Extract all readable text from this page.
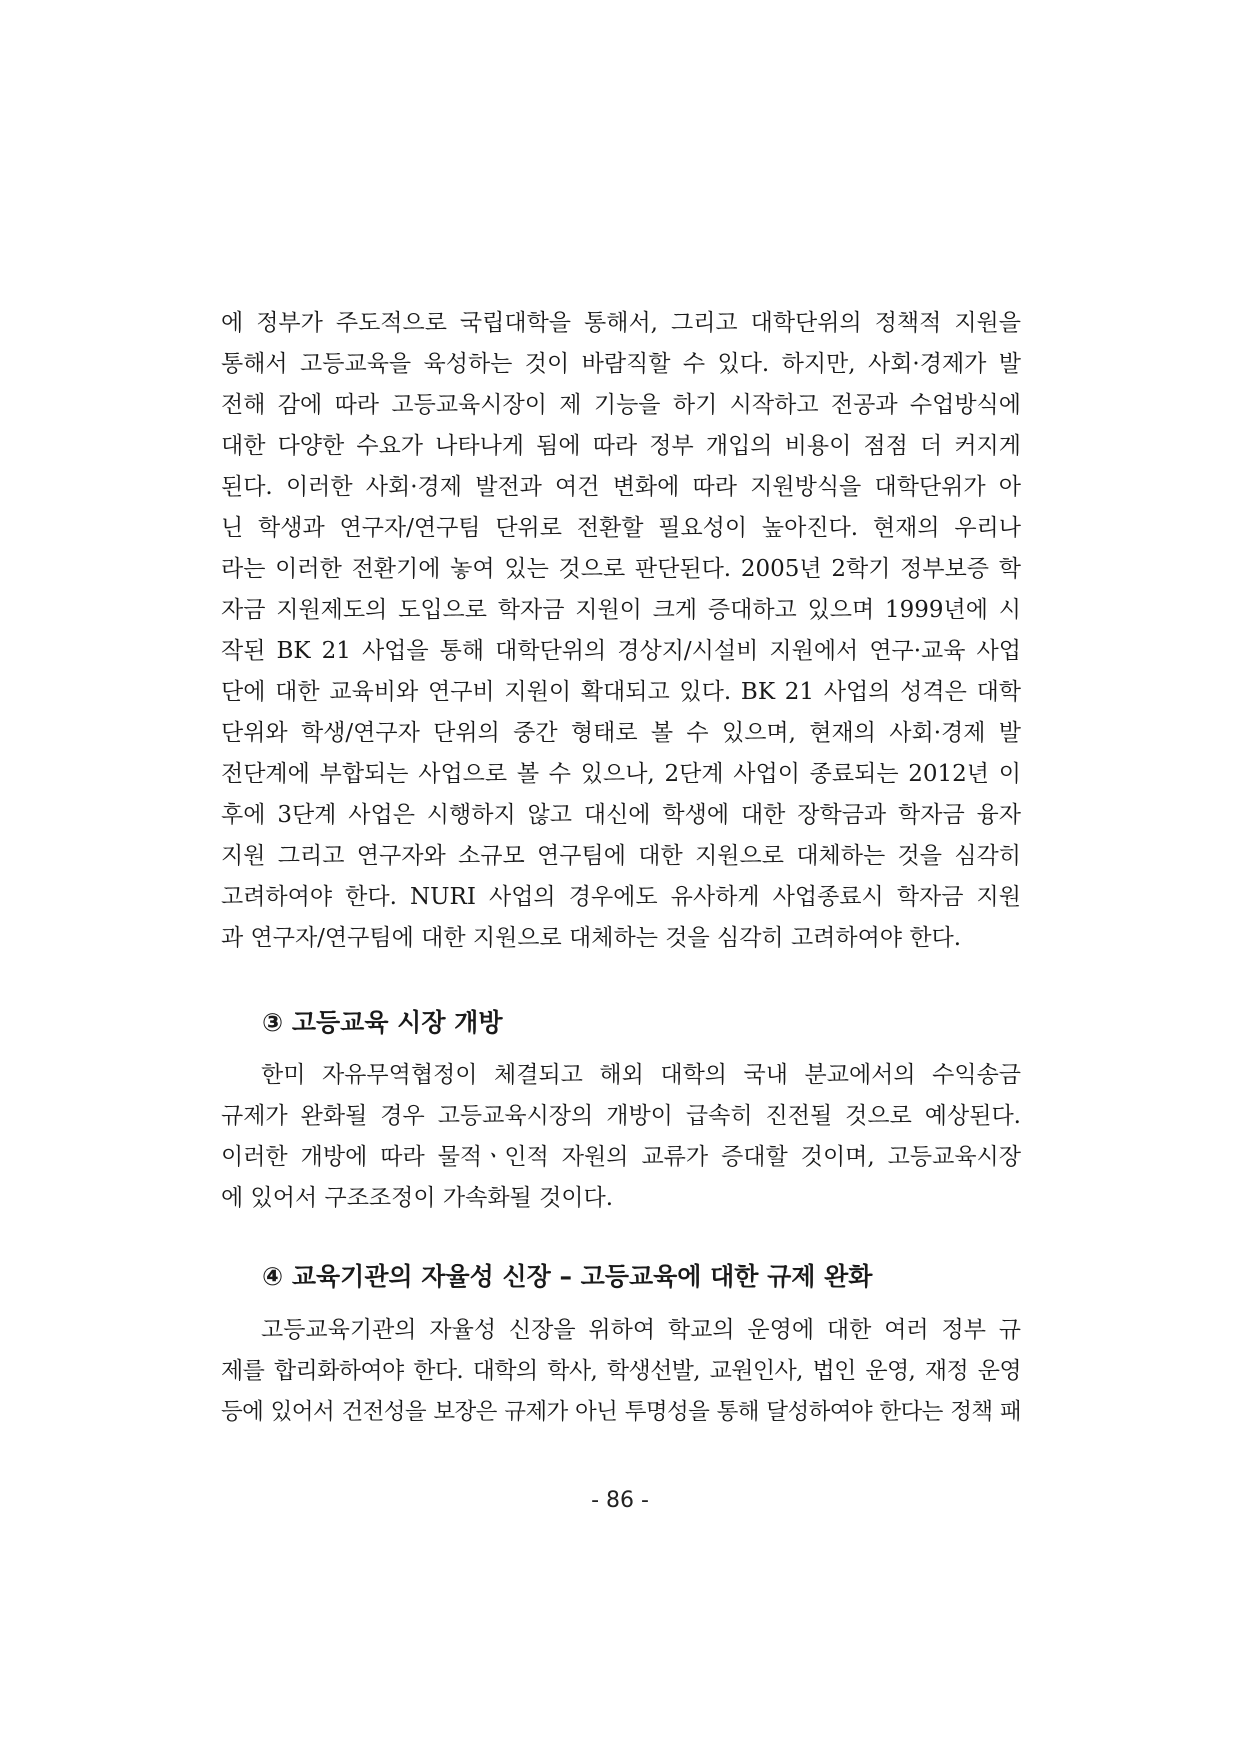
에 정부가 주도적으로 국립대학을 통해서, 그리고 대학단위의 정책적 지원을
통해서 고등교육을 육성하는 것이 바람직할 수 있다. 하지만, 사회·경제가 발
전해 감에 따라 고등교육시장이 제 기능을 하기 시작하고 전공과 수업방식에
대한 다양한 수요가 나타나게 됨에 따라 정부 개입의 비용이 점점 더 커지게
된다. 이러한 사회·경제 발전과 여건 변화에 따라 지원방식을 대학단위가 아
닌 학생과 연구자/연구팀 단위로 전환할 필요성이 높아진다. 현재의 우리나
라는 이러한 전환기에 놓여 있는 것으로 판단된다. 2005년 2학기 정부보증 학
자금 지원제도의 도입으로 학자금 지원이 크게 증대하고 있으며 1999년에 시
작된 BK 21 사업을 통해 대학단위의 경상지/시설비 지원에서 연구·교육 사업
단에 대한 교육비와 연구비 지원이 확대되고 있다. BK 21 사업의 성격은 대학
단위와 학생/연구자 단위의 중간 형태로 볼 수 있으며, 현재의 사회·경제 발
전단계에 부합되는 사업으로 볼 수 있으나, 2단계 사업이 종료되는 2012년 이
후에 3단계 사업은 시행하지 않고 대신에 학생에 대한 장학금과 학자금 융자
지원 그리고 연구자와 소규모 연구팀에 대한 지원으로 대체하는 것을 심각히
고려하여야 한다. NURI 사업의 경우에도 유사하게 사업종료시 학자금 지원
과 연구자/연구팀에 대한 지원으로 대체하는 것을 심각히 고려하여야 한다.
③ 고등교육 시장 개방
한미 자유무역협정이 체결되고 해외 대학의 국내 분교에서의 수익송금
규제가 완화될 경우 고등교육시장의 개방이 급속히 진전될 것으로 예상된다.
이러한 개방에 따라 물적ㆍ인적 자원의 교류가 증대할 것이며, 고등교육시장
에 있어서 구조조정이 가속화될 것이다.
④ 교육기관의 자율성 신장 – 고등교육에 대한 규제 완화
고등교육기관의 자율성 신장을 위하여 학교의 운영에 대한 여러 정부 규
제를 합리화하여야 한다. 대학의 학사, 학생선발, 교원인사, 법인 운영, 재정 운영
등에 있어서 건전성을 보장은 규제가 아닌 투명성을 통해 달성하여야 한다는 정책 패
- 86 -
